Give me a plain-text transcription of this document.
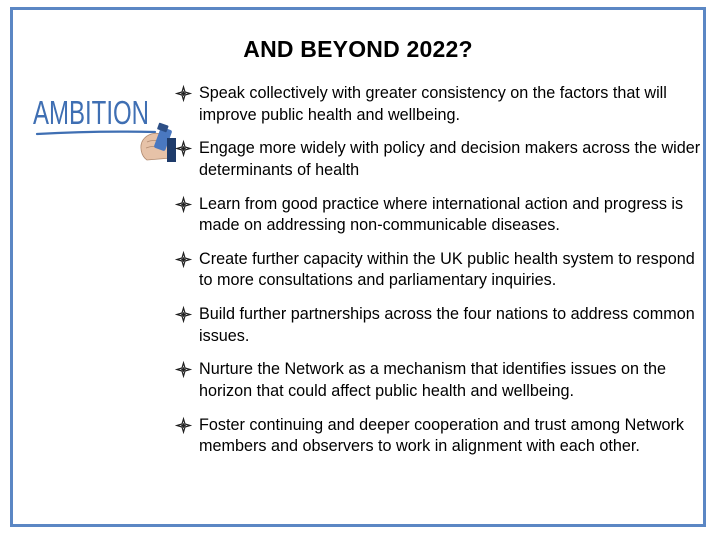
AND BEYOND 2022?
AMBITION
Speak collectively with greater consistency on the factors that will improve public health and wellbeing.
Engage more widely with policy and decision makers across the wider determinants of health
Learn from good practice where international action and progress is made on addressing non-communicable diseases.
Create further capacity within the UK public health system to respond to more consultations and parliamentary inquiries.
Build further partnerships across the four nations to address common issues.
Nurture the Network as a mechanism that identifies issues on the horizon that could affect public health and wellbeing.
Foster continuing and deeper cooperation and trust among Network members and observers to work in alignment with each other.
